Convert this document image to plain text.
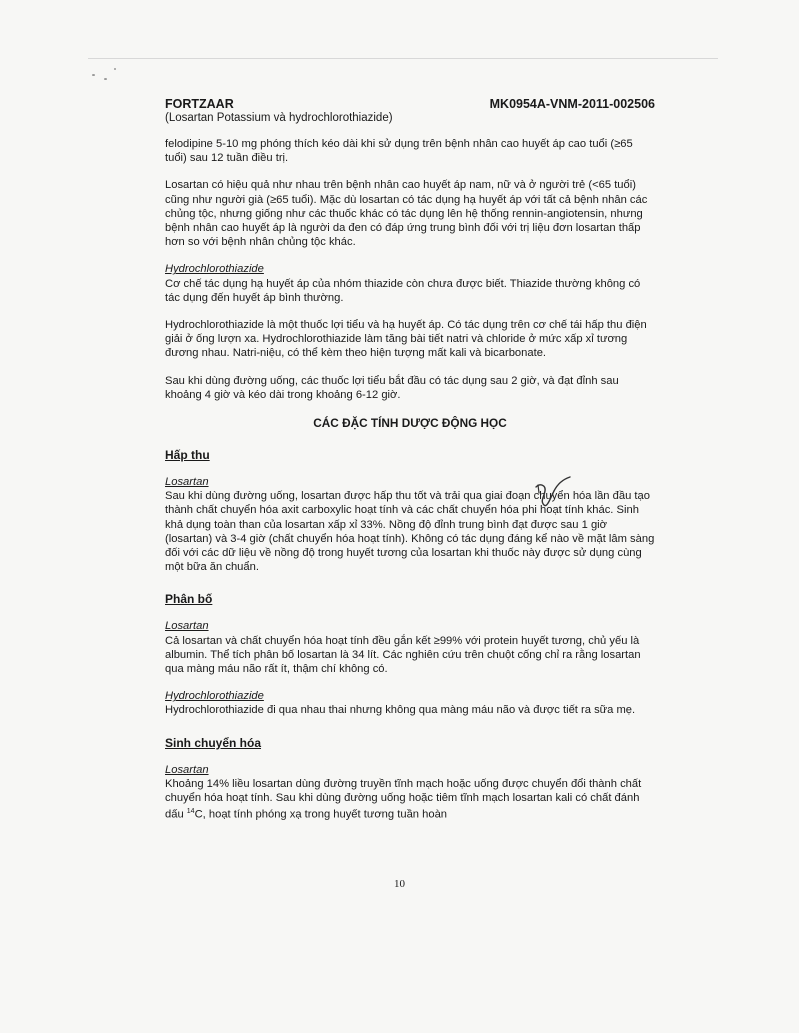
FORTZAAR	MK0954A-VNM-2011-002506
(Losartan Potassium và hydrochlorothiazide)

felodipine 5-10 mg phóng thích kéo dài khi sử dụng trên bệnh nhân cao huyết áp cao tuổi (≥65 tuổi) sau 12 tuần điều trị.

Losartan có hiệu quả như nhau trên bệnh nhân cao huyết áp nam, nữ và ở người trẻ (<65 tuổi) cũng như người già (≥65 tuổi). Mặc dù losartan có tác dụng hạ huyết áp với tất cả bệnh nhân các chủng tộc, nhưng giống như các thuốc khác có tác dụng lên hệ thống rennin-angiotensin, nhưng bệnh nhân cao huyết áp là người da đen có đáp ứng trung bình đối với trị liệu đơn losartan thấp hơn so với bệnh nhân chủng tộc khác.

Hydrochlorothiazide

Cơ chế tác dụng hạ huyết áp của nhóm thiazide còn chưa được biết. Thiazide thường không có tác dụng đến huyết áp bình thường.

Hydrochlorothiazide là một thuốc lợi tiểu và hạ huyết áp. Có tác dụng trên cơ chế tái hấp thu điện giải ở ống lượn xa. Hydrochlorothiazide làm tăng bài tiết natri và chloride ở mức xấp xỉ tương đương nhau. Natri-niệu, có thể kèm theo hiện tượng mất kali và bicarbonate.

Sau khi dùng đường uống, các thuốc lợi tiểu bắt đầu có tác dụng sau 2 giờ, và đạt đỉnh sau khoảng 4 giờ và kéo dài trong khoảng 6-12 giờ.

CÁC ĐẶC TÍNH DƯỢC ĐỘNG HỌC
Hấp thu
Losartan

Sau khi dùng đường uống, losartan được hấp thu tốt và trải qua giai đoạn chuyển hóa lần đầu tạo thành chất chuyển hóa axit carboxylic hoạt tính và các chất chuyển hóa phi hoạt tính khác. Sinh khả dụng toàn than của losartan xấp xỉ 33%. Nồng độ đỉnh trung bình đạt được sau 1 giờ (losartan) và 3-4 giờ (chất chuyển hóa hoạt tính). Không có tác dụng đáng kể nào về mặt lâm sàng đối với các dữ liệu về nồng độ trong huyết tương của losartan khi thuốc này được sử dụng cùng một bữa ăn chuẩn.

Phân bố
Losartan

Cả losartan và chất chuyển hóa hoạt tính đều gắn kết ≥99% với protein huyết tương, chủ yếu là albumin. Thể tích phân bố losartan là 34 lít. Các nghiên cứu trên chuột cống chỉ ra rằng losartan qua màng máu não rất ít, thậm chí không có.

Hydrochlorothiazide

Hydrochlorothiazide đi qua nhau thai nhưng không qua màng máu não và được tiết ra sữa mẹ.

Sinh chuyển hóa
Losartan

Khoảng 14% liều losartan dùng đường truyền tĩnh mạch hoặc uống được chuyển đổi thành chất chuyển hóa hoạt tính. Sau khi dùng đường uống hoặc tiêm tĩnh mạch losartan kali có chất đánh dấu $^{14}$C, hoạt tính phóng xạ trong huyết tương tuần hoàn

10
